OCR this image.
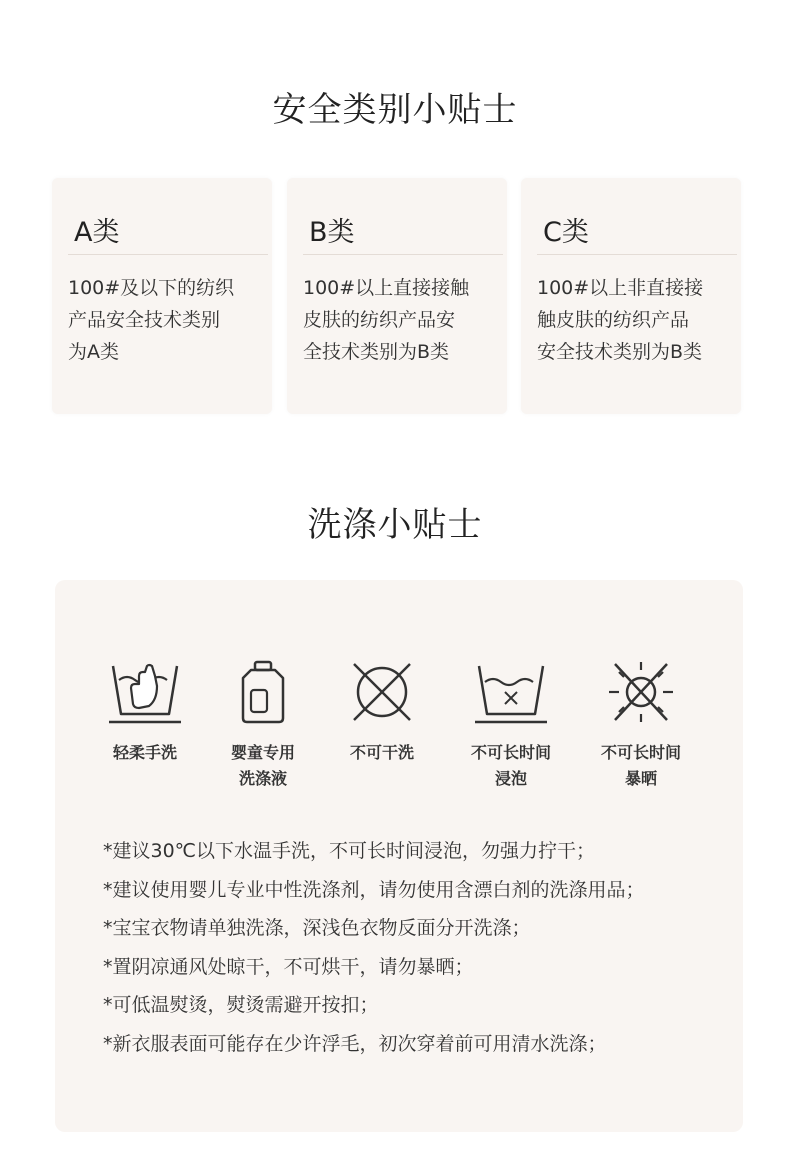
安全类别小贴士
A类
100#及以下的纺织
产品安全技术类别
为A类
B类
100#以上直接接触
皮肤的纺织产品安
全技术类别为B类
C类
100#以上非直接接
触皮肤的纺织产品
安全技术类别为B类
洗涤小贴士
轻柔手洗	婴童专用
洗涤液
不可干洗	不可长时间
浸泡
不可长时间
暴晒
*建议30℃以下水温手洗，不可长时间浸泡，勿强力拧干；
*建议使用婴儿专业中性洗涤剂，请勿使用含漂白剂的洗涤用品；
*宝宝衣物请单独洗涤，深浅色衣物反面分开洗涤；
*置阴凉通风处晾干，不可烘干，请勿暴晒；
*可低温熨烫，熨烫需避开按扣；
*新衣服表面可能存在少许浮毛，初次穿着前可用清水洗涤；
